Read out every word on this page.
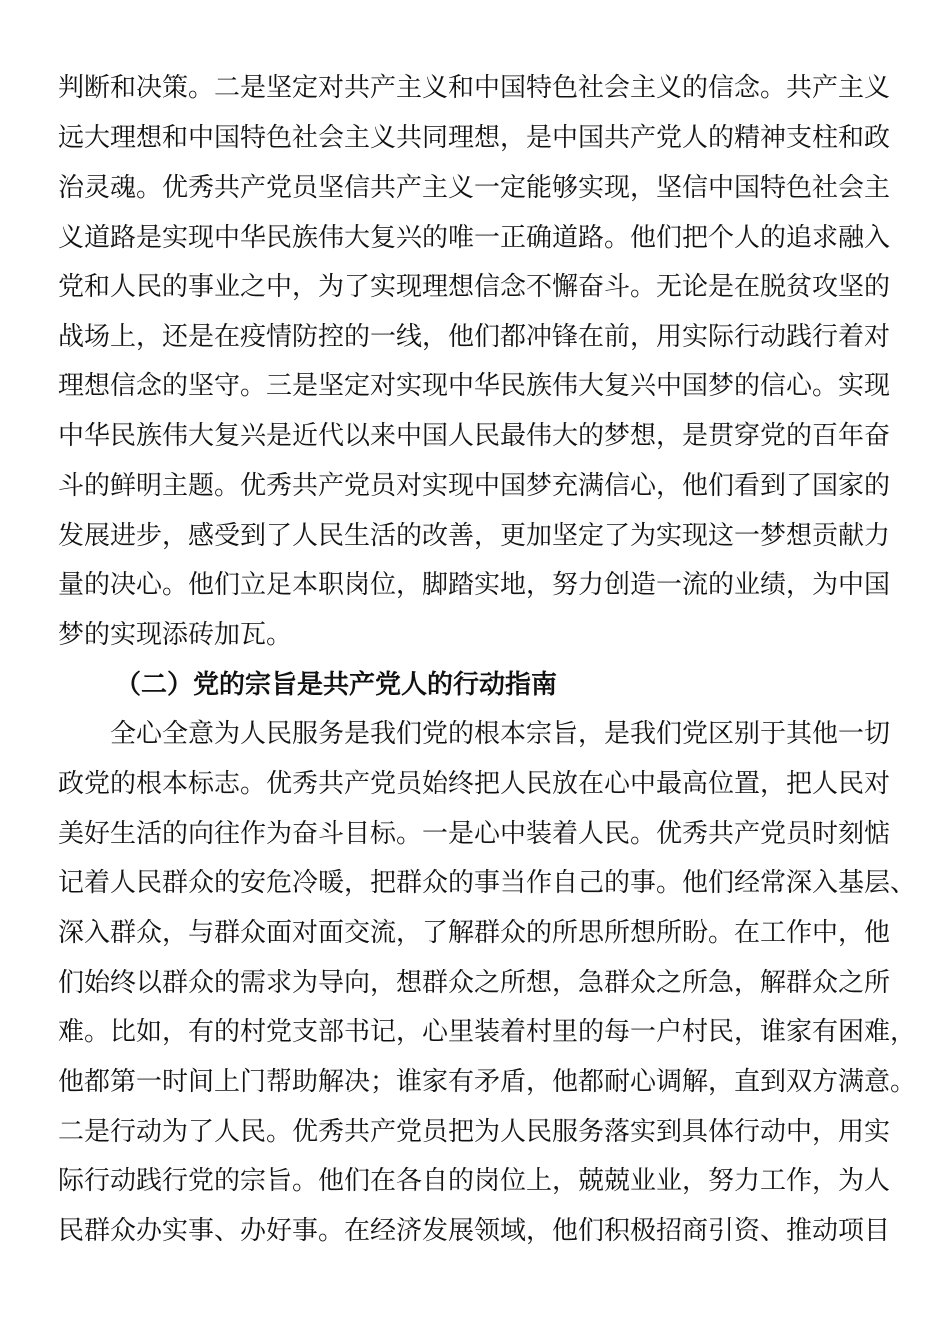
判断和决策。二是坚定对共产主义和中国特色社会主义的信念。共产主义
远大理想和中国特色社会主义共同理想，是中国共产党人的精神支柱和政
治灵魂。优秀共产党员坚信共产主义一定能够实现，坚信中国特色社会主
义道路是实现中华民族伟大复兴的唯一正确道路。他们把个人的追求融入
党和人民的事业之中，为了实现理想信念不懈奋斗。无论是在脱贫攻坚的
战场上，还是在疫情防控的一线，他们都冲锋在前，用实际行动践行着对
理想信念的坚守。三是坚定对实现中华民族伟大复兴中国梦的信心。实现
中华民族伟大复兴是近代以来中国人民最伟大的梦想，是贯穿党的百年奋
斗的鲜明主题。优秀共产党员对实现中国梦充满信心，他们看到了国家的
发展进步，感受到了人民生活的改善，更加坚定了为实现这一梦想贡献力
量的决心。他们立足本职岗位，脚踏实地，努力创造一流的业绩，为中国
梦的实现添砖加瓦。
（二）党的宗旨是共产党人的行动指南
全心全意为人民服务是我们党的根本宗旨，是我们党区别于其他一切
政党的根本标志。优秀共产党员始终把人民放在心中最高位置，把人民对
美好生活的向往作为奋斗目标。一是心中装着人民。优秀共产党员时刻惦
记着人民群众的安危冷暖，把群众的事当作自己的事。他们经常深入基层、
深入群众，与群众面对面交流，了解群众的所思所想所盼。在工作中，他
们始终以群众的需求为导向，想群众之所想，急群众之所急，解群众之所
难。比如，有的村党支部书记，心里装着村里的每一户村民，谁家有困难，
他都第一时间上门帮助解决；谁家有矛盾，他都耐心调解，直到双方满意。
二是行动为了人民。优秀共产党员把为人民服务落实到具体行动中，用实
际行动践行党的宗旨。他们在各自的岗位上，兢兢业业，努力工作，为人
民群众办实事、办好事。在经济发展领域，他们积极招商引资、推动项目
